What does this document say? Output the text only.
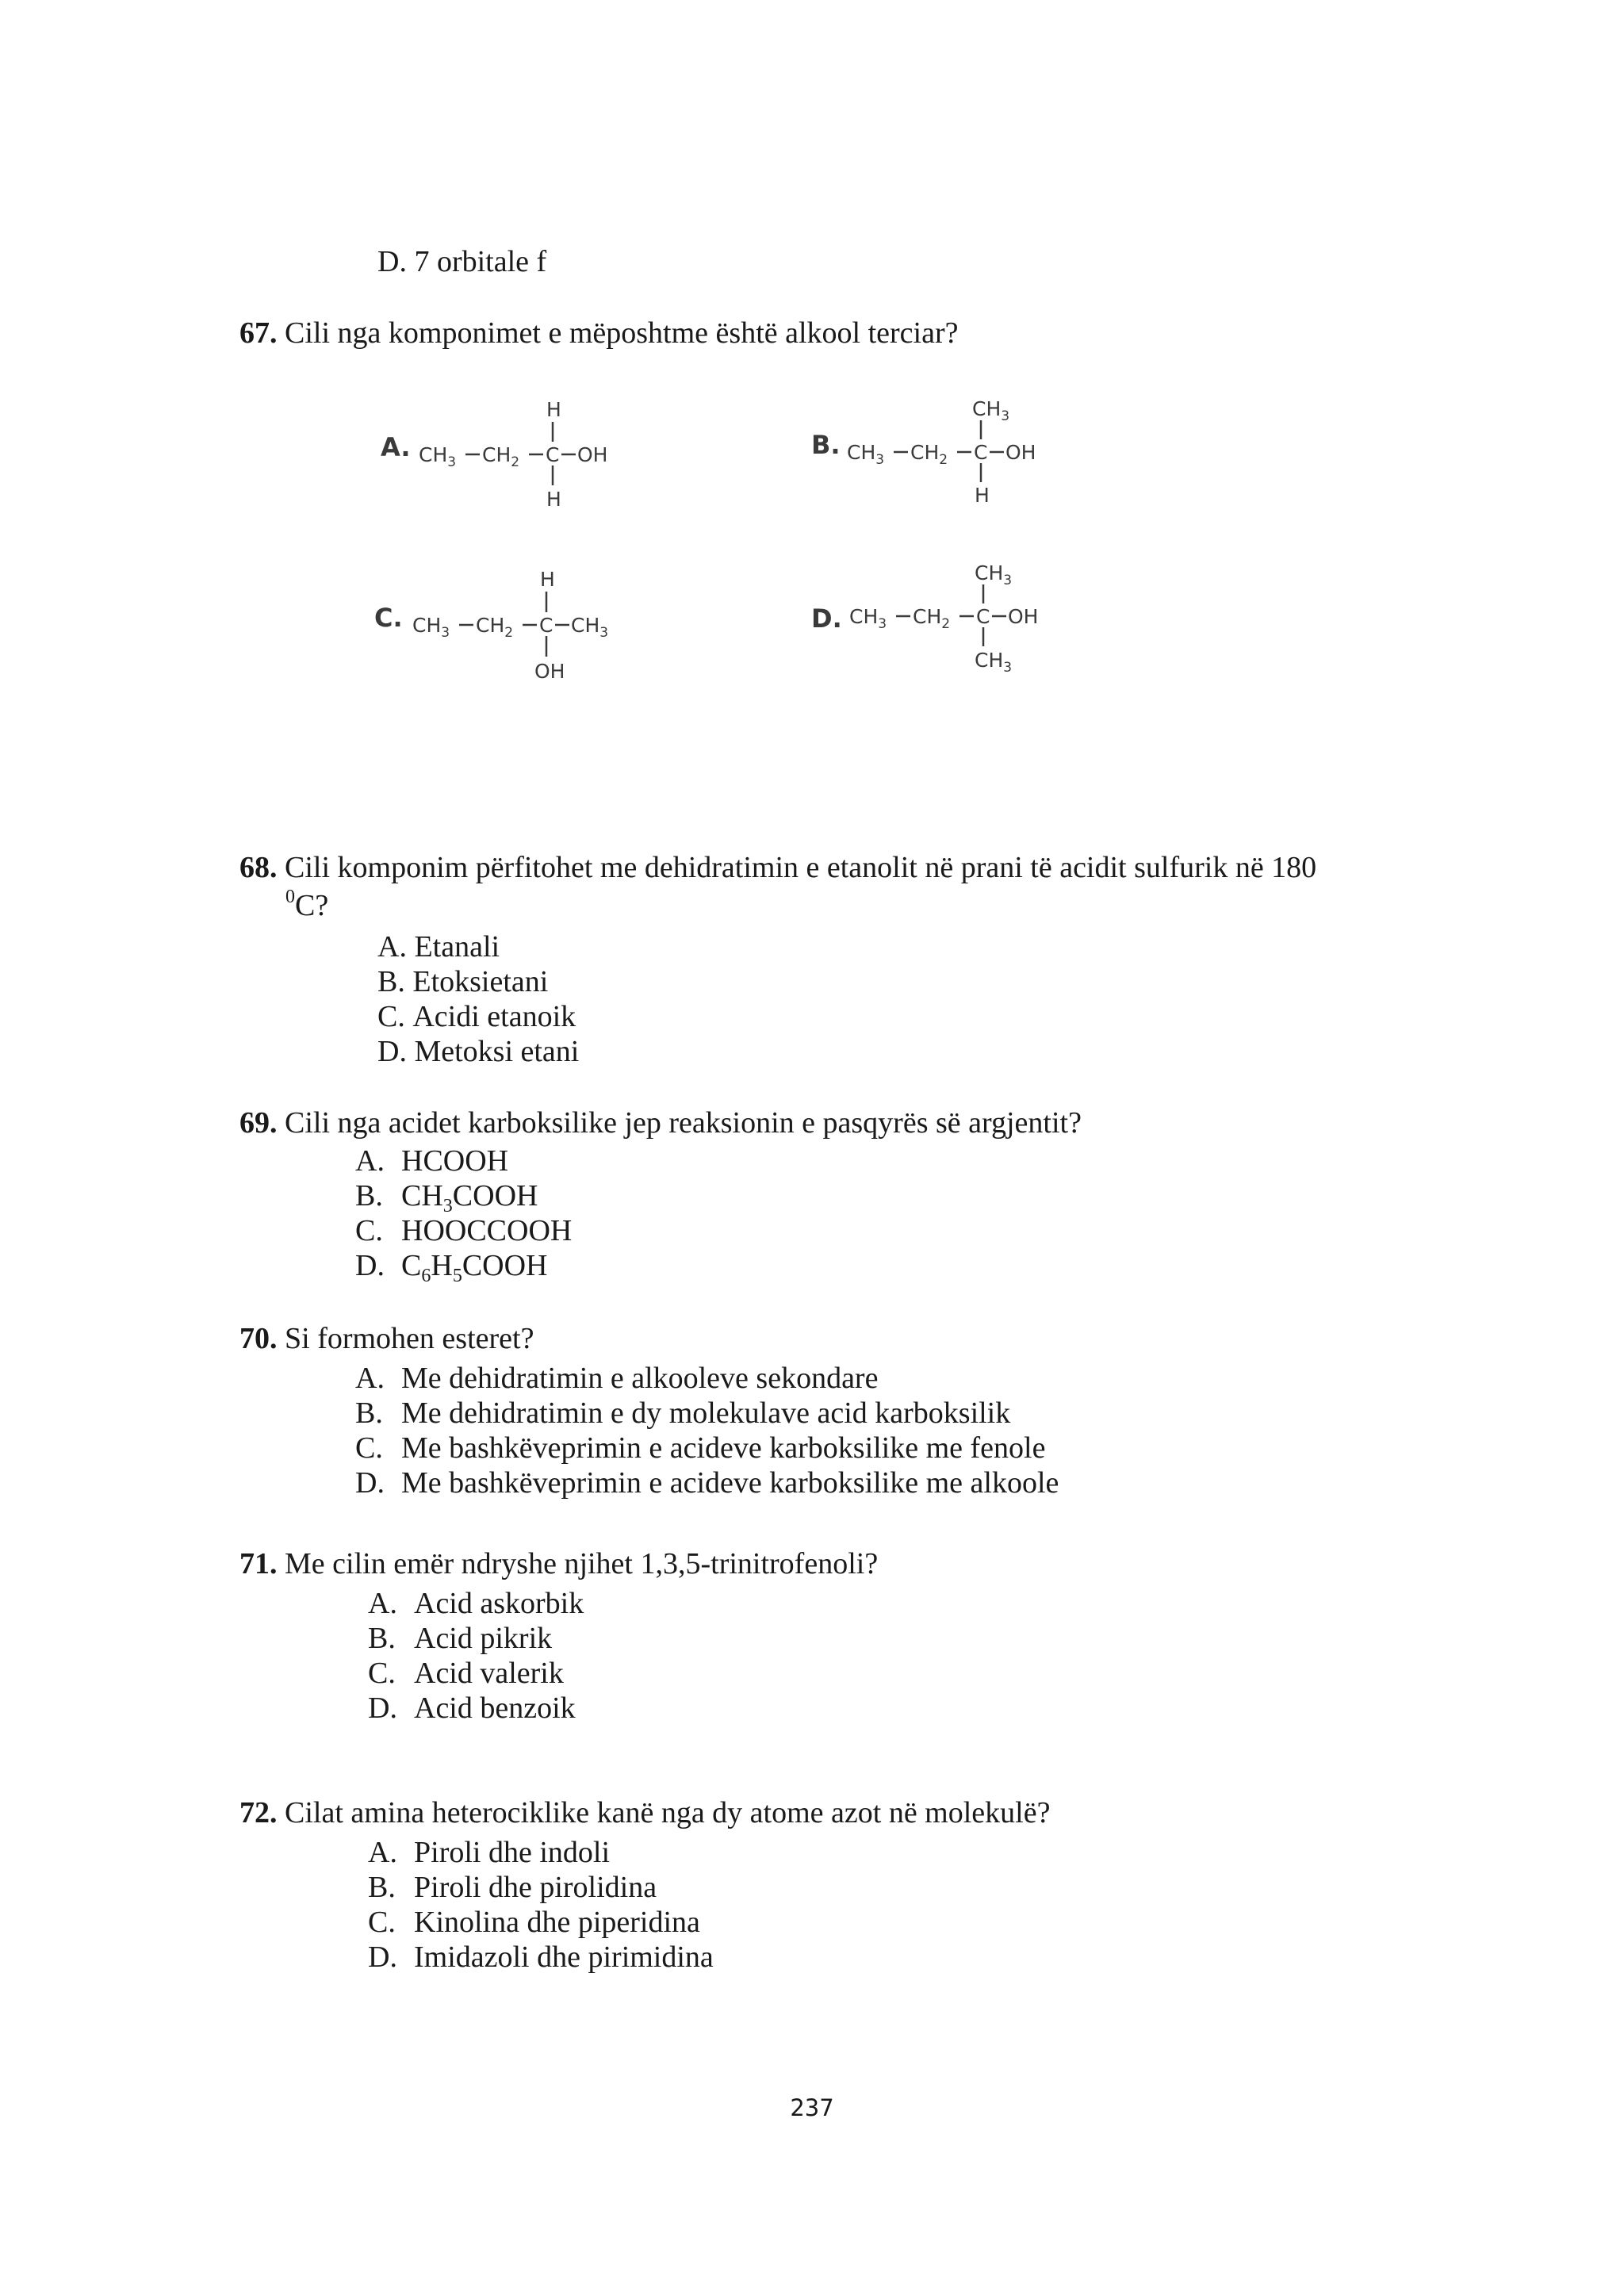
D. 7 orbitale f
67. Cili nga komponimet e mëposhtme është alkool terciar?
A. $CH_3$ $CH_2$ C OH
H
H
B. $CH_3$ $CH_2$ C OH
$CH_3$
H
C. $CH_3$ $CH_2$ C $CH_3$
H
OH
D. $CH_3$ $CH_2$ C OH
$CH_3$
$CH_3$
68. Cili komponim përfitohet me dehidratimin e etanolit në prani të acidit sulfurik në 180
$^0$C?
A. Etanali
B. Etoksietani
C. Acidi etanoik
D. Metoksi etani
69. Cili nga acidet karboksilike jep reaksionin e pasqyrës së argjentit?
A. HCOOH
B. $CH_3COOH$
C. HOOCCOOH
D. $C_6H_5COOH$
70. Si formohen esteret?
A. Me dehidratimin e alkooleve sekondare
B. Me dehidratimin e dy molekulave acid karboksilik
C. Me bashkëveprimin e acideve karboksilike me fenole
D. Me bashkëveprimin e acideve karboksilike me alkoole
71. Me cilin emër ndryshe njihet 1,3,5-trinitrofenoli?
A. Acid askorbik
B. Acid pikrik
C. Acid valerik
D. Acid benzoik
72. Cilat amina heterociklike kanë nga dy atome azot në molekulë?
A. Piroli dhe indoli
B. Piroli dhe pirolidina
C. Kinolina dhe piperidina
D. Imidazoli dhe pirimidina
237
